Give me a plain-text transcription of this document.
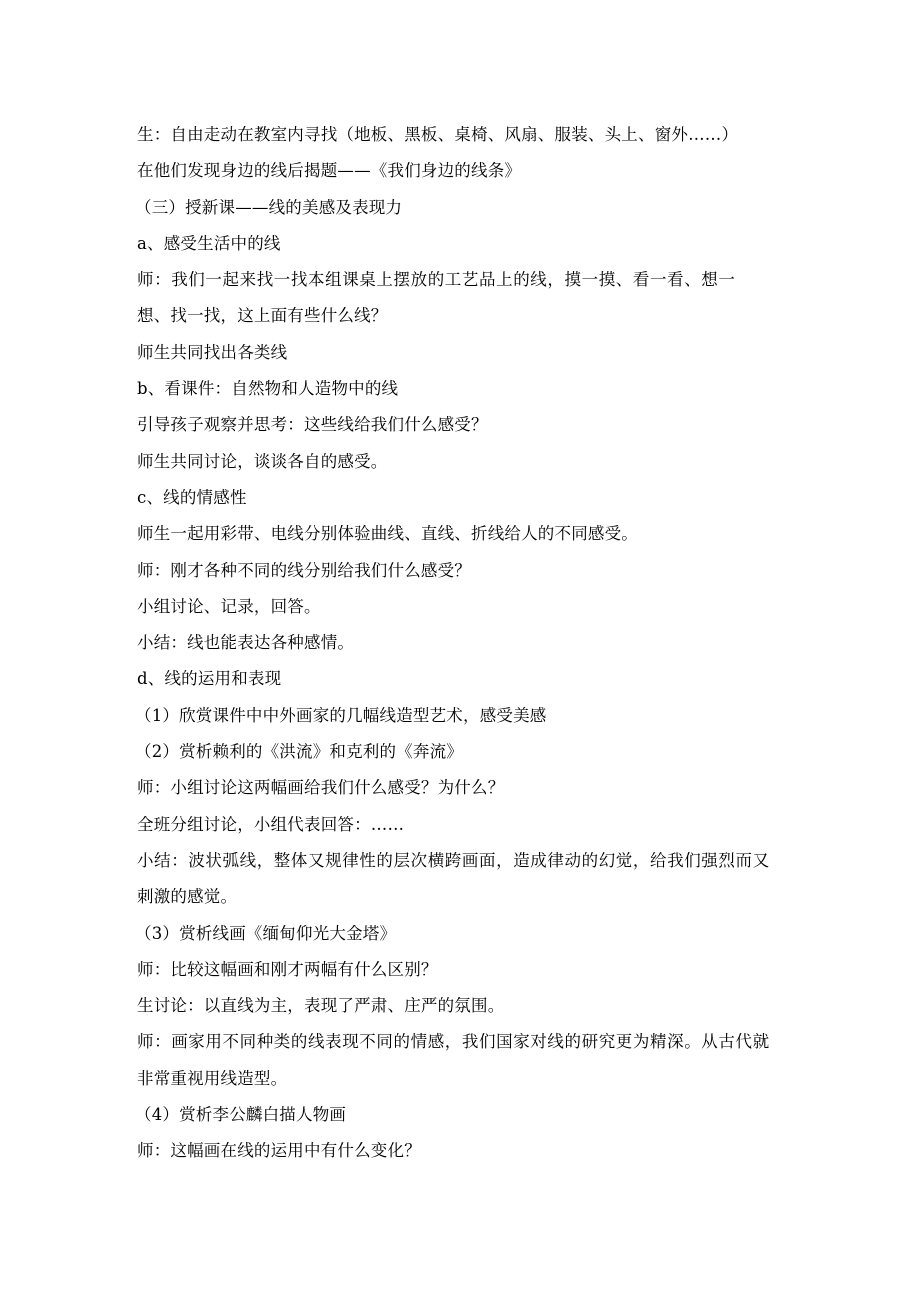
生：自由走动在教室内寻找（地板、黑板、桌椅、风扇、服装、头上、窗外……）
在他们发现身边的线后揭题——《我们身边的线条》
（三）授新课——线的美感及表现力
a、感受生活中的线
师：我们一起来找一找本组课桌上摆放的工艺品上的线，摸一摸、看一看、想一
想、找一找，这上面有些什么线？
师生共同找出各类线
b、看课件：自然物和人造物中的线
引导孩子观察并思考：这些线给我们什么感受？
师生共同讨论，谈谈各自的感受。
c、线的情感性
师生一起用彩带、电线分别体验曲线、直线、折线给人的不同感受。
师：刚才各种不同的线分别给我们什么感受？
小组讨论、记录，回答。
小结：线也能表达各种感情。
d、线的运用和表现
（1）欣赏课件中中外画家的几幅线造型艺术，感受美感
（2）赏析赖利的《洪流》和克利的《奔流》
师：小组讨论这两幅画给我们什么感受？为什么？
全班分组讨论，小组代表回答：……
小结：波状弧线，整体又规律性的层次横跨画面，造成律动的幻觉，给我们强烈而又
刺激的感觉。
（3）赏析线画《缅甸仰光大金塔》
师：比较这幅画和刚才两幅有什么区别？
生讨论：以直线为主，表现了严肃、庄严的氛围。
师：画家用不同种类的线表现不同的情感，我们国家对线的研究更为精深。从古代就
非常重视用线造型。
（4）赏析李公麟白描人物画
师：这幅画在线的运用中有什么变化？
